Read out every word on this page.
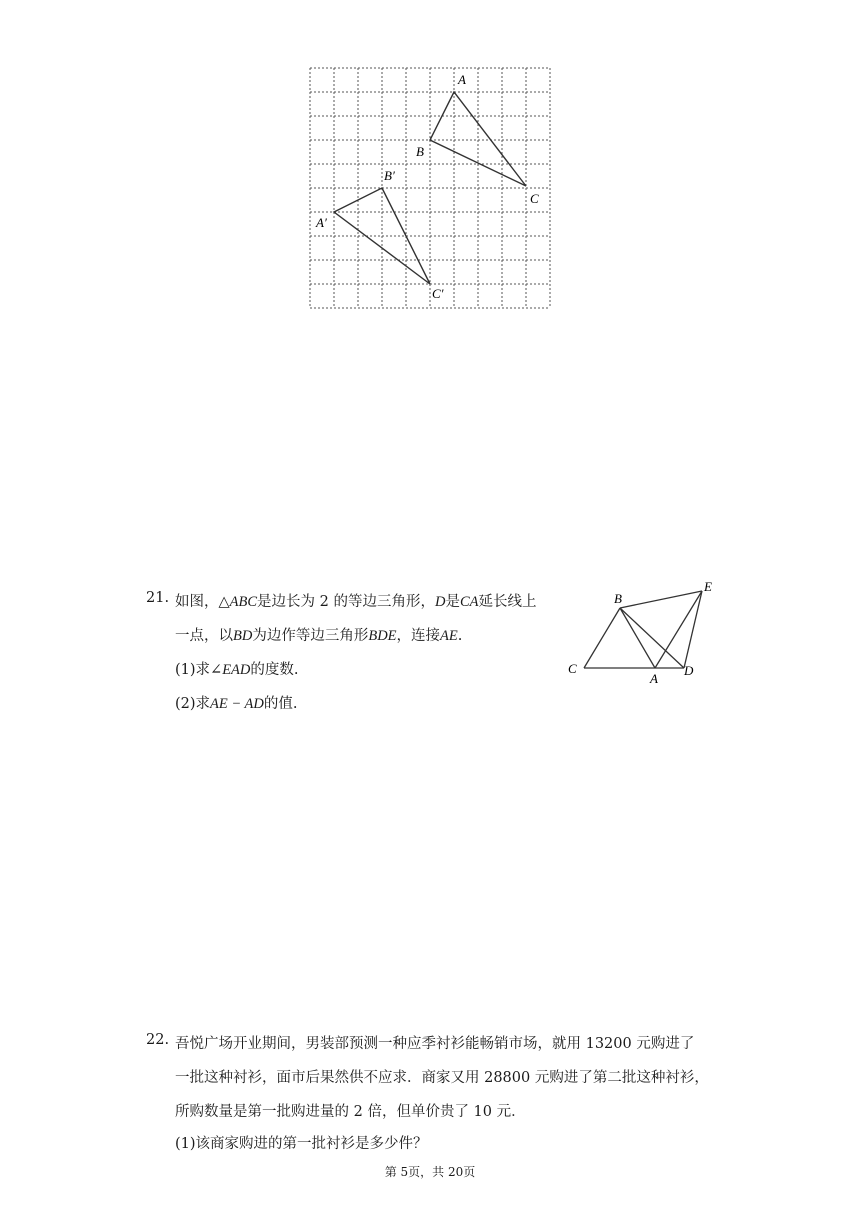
A
B
C
A′
B′
C′
21. 如图，△ABC是边长为 2 的等边三角形，D是CA延长线上
一点，以BD为边作等边三角形BDE，连接AE.
(1)求∠EAD的度数.
(2)求AE − AD的值.
B
E
C
A
D
22. 吾悦广场开业期间，男装部预测一种应季衬衫能畅销市场，就用 13200 元购进了
一批这种衬衫，面市后果然供不应求．商家又用 28800 元购进了第二批这种衬衫，
所购数量是第一批购进量的 2 倍，但单价贵了 10 元．
(1)该商家购进的第一批衬衫是多少件？
第 5页，共 20页
